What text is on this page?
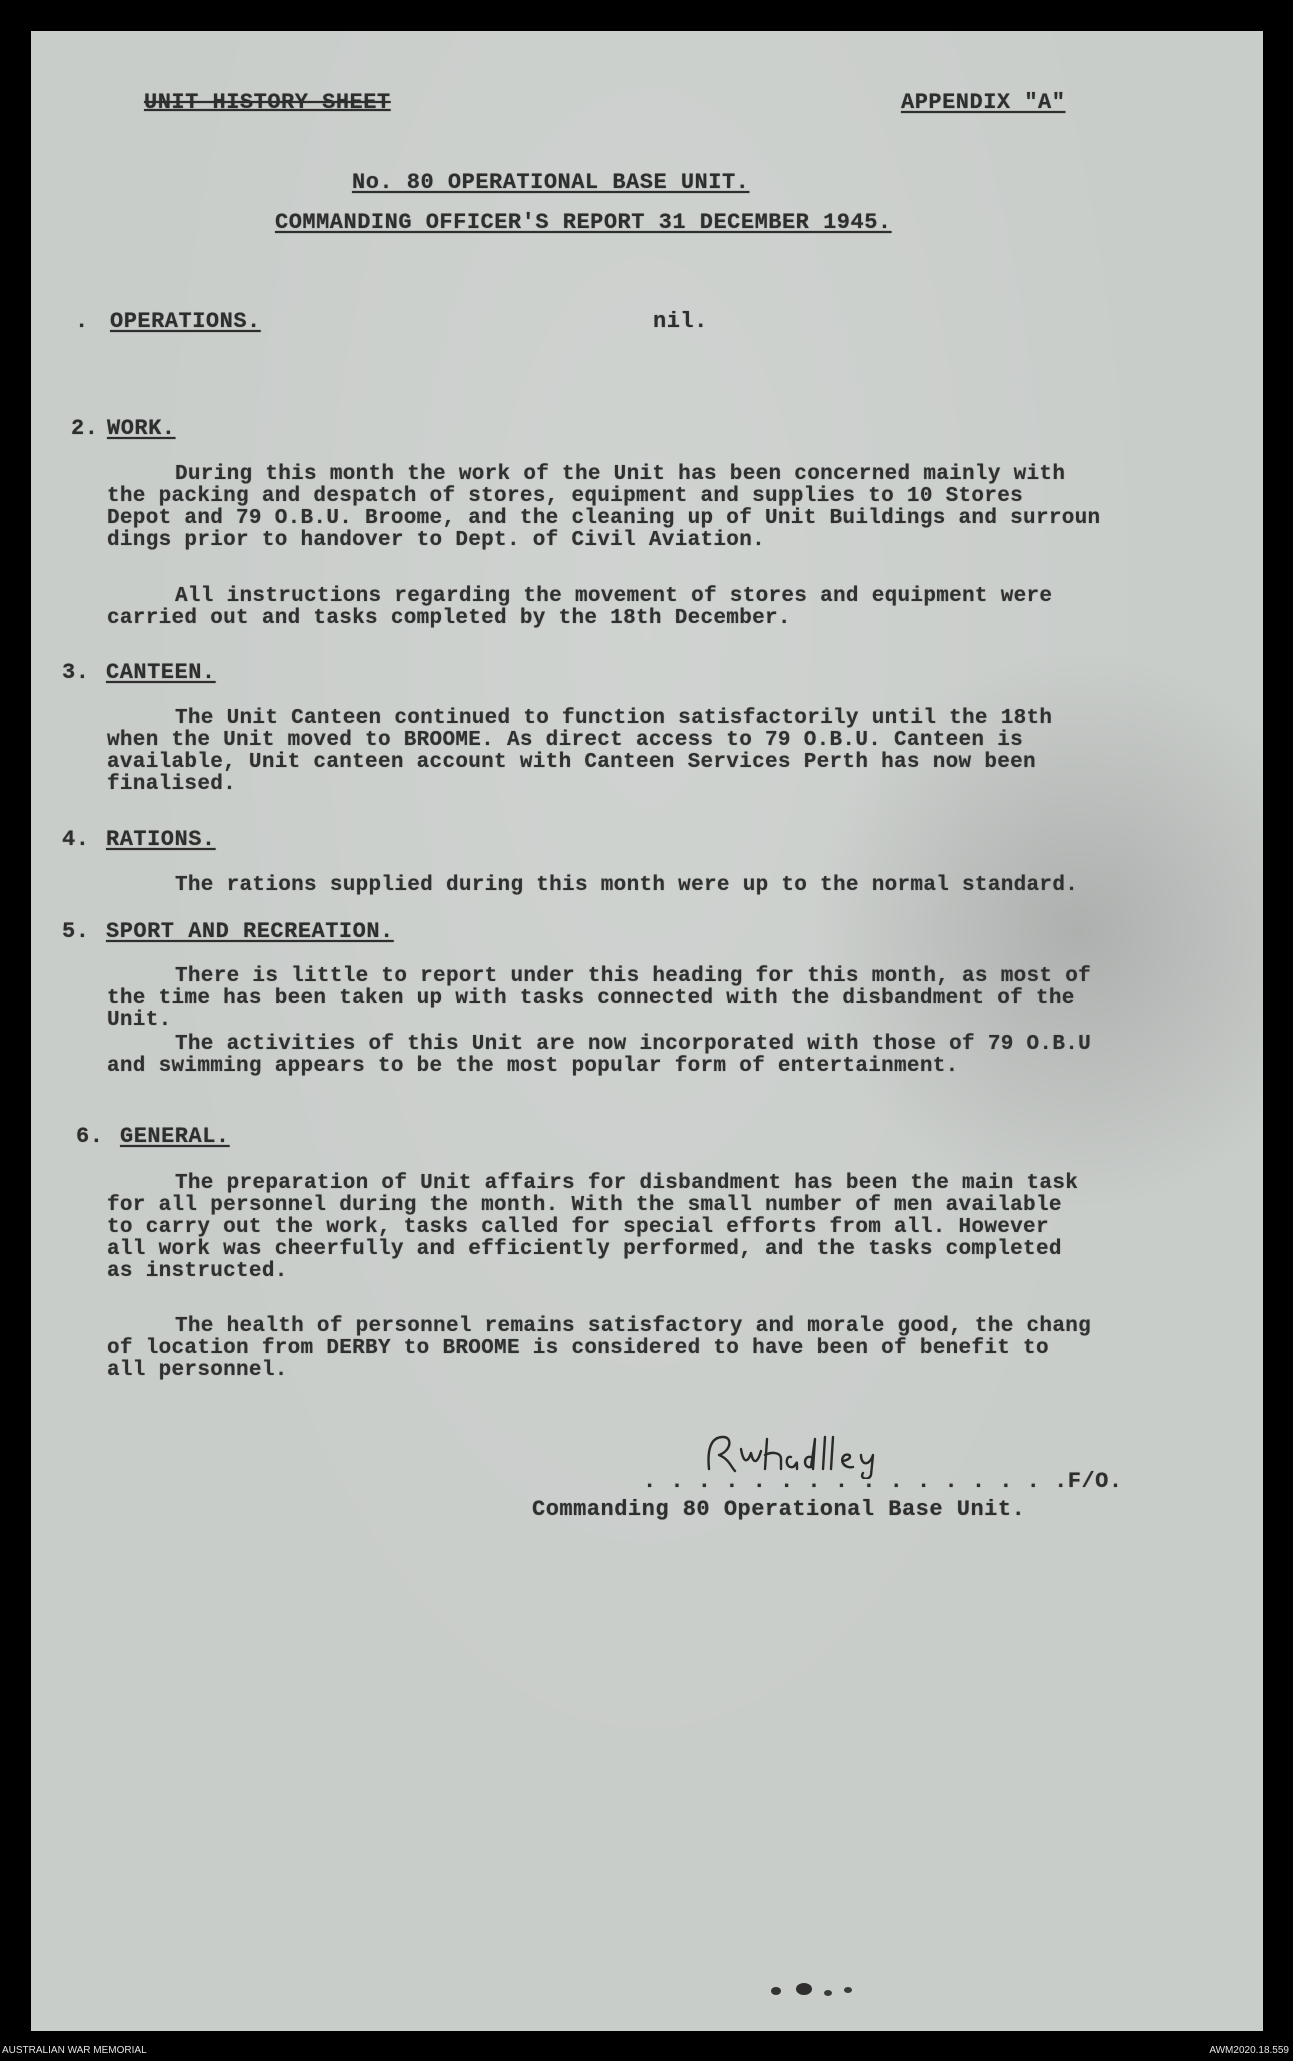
UNIT HISTORY SHEET	APPENDIX "A"
No. 80 OPERATIONAL BASE UNIT.
COMMANDING OFFICER'S REPORT 31 DECEMBER 1945.
. OPERATIONS.	nil.
2. WORK.
During this month the work of the Unit has been concerned mainly with
the packing and despatch of stores, equipment and supplies to 10 Stores
Depot and 79 O.B.U. Broome, and the cleaning up of Unit Buildings and surroun
dings prior to handover to Dept. of Civil Aviation.
All instructions regarding the movement of stores and equipment were
carried out and tasks completed by the 18th December.
3. CANTEEN.
The Unit Canteen continued to function satisfactorily until the 18th
when the Unit moved to BROOME. As direct access to 79 O.B.U. Canteen is
available, Unit canteen account with Canteen Services Perth has now been
finalised.
4. RATIONS.
The rations supplied during this month were up to the normal standard.
5. SPORT AND RECREATION.
There is little to report under this heading for this month, as most of
the time has been taken up with tasks connected with the disbandment of the
Unit.
The activities of this Unit are now incorporated with those of 79 O.B.U
and swimming appears to be the most popular form of entertainment.
6. GENERAL.
The preparation of Unit affairs for disbandment has been the main task
for all personnel during the month. With the small number of men available
to carry out the work, tasks called for special efforts from all. However
all work was cheerfully and efficiently performed, and the tasks completed
as instructed.
The health of personnel remains satisfactory and morale good, the chang
of location from DERBY to BROOME is considered to have been of benefit to
all personnel.
. . . . . . . . . . . . . . . .F/O.
Commanding 80 Operational Base Unit.
AUSTRALIAN WAR MEMORIAL	AWM2020.18.559
